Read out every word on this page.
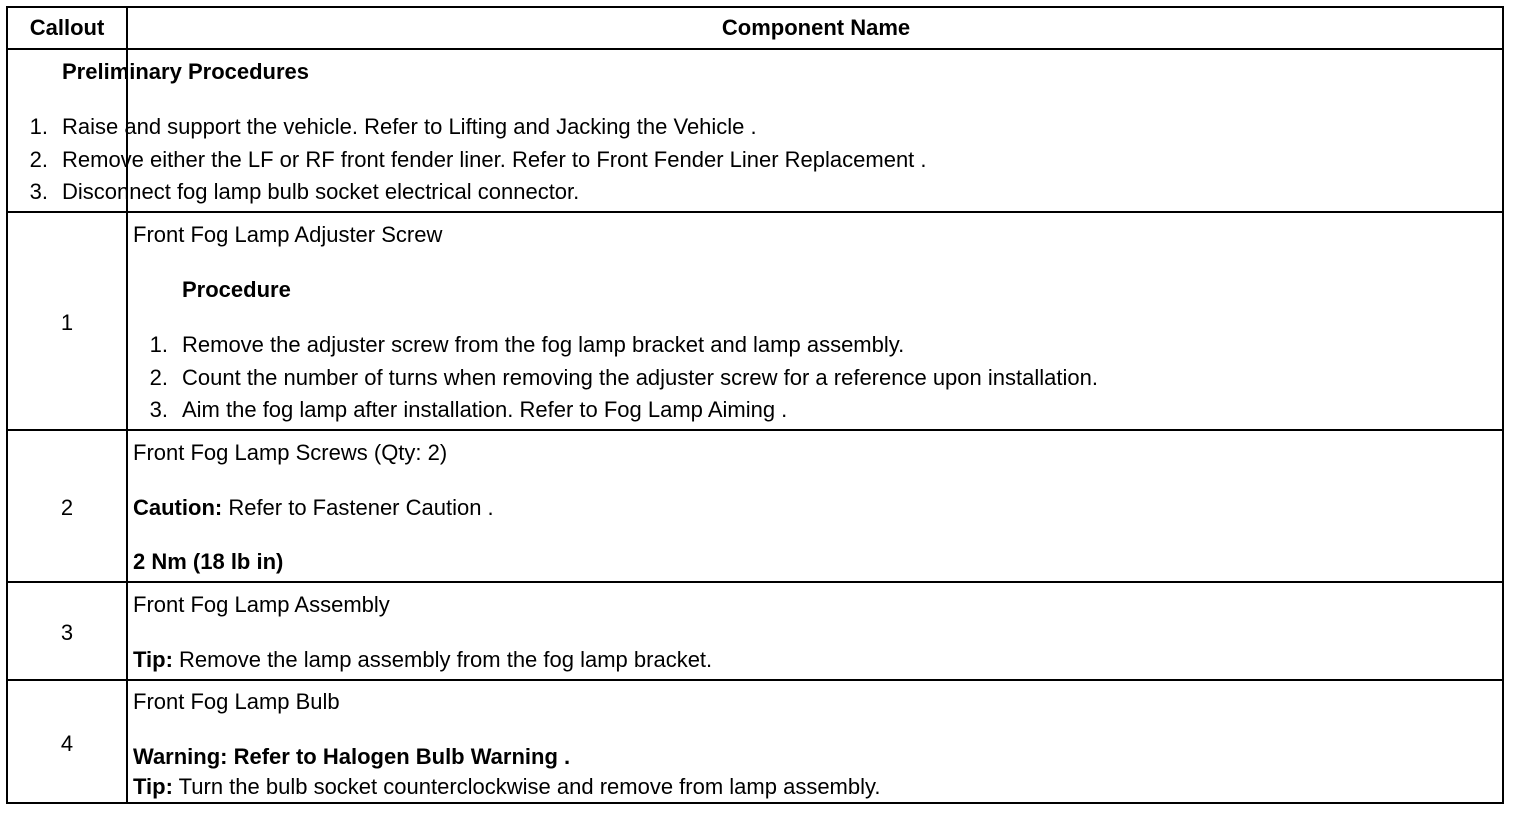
Callout	Component Name
Preliminary Procedures
1. Raise and support the vehicle. Refer to Lifting and Jacking the Vehicle .
2. Remove either the LF or RF front fender liner. Refer to Front Fender Liner Replacement .
3. Disconnect fog lamp bulb socket electrical connector.
1
Front Fog Lamp Adjuster Screw
Procedure
1. Remove the adjuster screw from the fog lamp bracket and lamp assembly.
2. Count the number of turns when removing the adjuster screw for a reference upon installation.
3. Aim the fog lamp after installation. Refer to Fog Lamp Aiming .
2
Front Fog Lamp Screws (Qty: 2)
Caution: Refer to Fastener Caution .
2 Nm (18 lb in)
3
Front Fog Lamp Assembly
Tip: Remove the lamp assembly from the fog lamp bracket.
4
Front Fog Lamp Bulb
Warning: Refer to Halogen Bulb Warning .
Tip: Turn the bulb socket counterclockwise and remove from lamp assembly.
